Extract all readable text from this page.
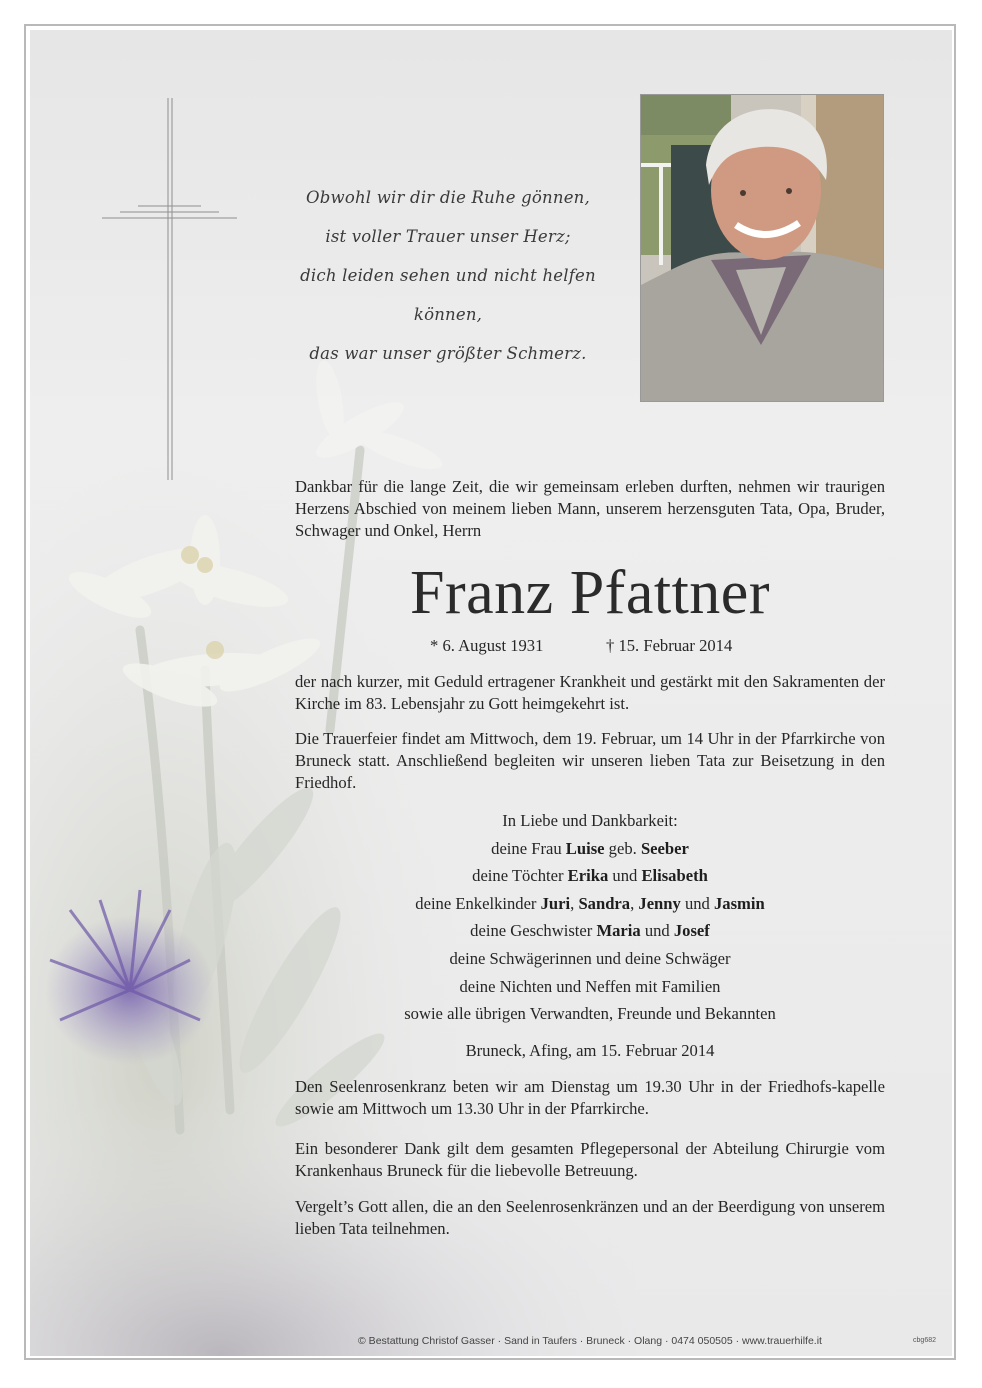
Obwohl wir dir die Ruhe gönnen,
ist voller Trauer unser Herz;
dich leiden sehen und nicht helfen können,
das war unser größter Schmerz.
Dankbar für die lange Zeit, die wir gemeinsam erleben durften, nehmen wir traurigen Herzens Abschied von meinem lieben Mann, unserem herzensguten Tata, Opa, Bruder, Schwager und Onkel, Herrn
Franz Pfattner
* 6. August 1931	† 15. Februar 2014
der nach kurzer, mit Geduld ertragener Krankheit und gestärkt mit den Sakramenten der Kirche im 83. Lebensjahr zu Gott heimgekehrt ist.
Die Trauerfeier findet am Mittwoch, dem 19. Februar, um 14 Uhr in der Pfarrkirche von Bruneck statt. Anschließend begleiten wir unseren lieben Tata zur Beisetzung in den Friedhof.
In Liebe und Dankbarkeit:
deine Frau Luise geb. Seeber
deine Töchter Erika und Elisabeth
deine Enkelkinder Juri, Sandra, Jenny und Jasmin
deine Geschwister Maria und Josef
deine Schwägerinnen und deine Schwäger
deine Nichten und Neffen mit Familien
sowie alle übrigen Verwandten, Freunde und Bekannten
Bruneck, Afing, am 15. Februar 2014
Den Seelenrosenkranz beten wir am Dienstag um 19.30 Uhr in der Friedhofs-kapelle sowie am Mittwoch um 13.30 Uhr in der Pfarrkirche.
Ein besonderer Dank gilt dem gesamten Pflegepersonal der Abteilung Chirurgie vom Krankenhaus Bruneck für die liebevolle Betreuung.
Vergelt’s Gott allen, die an den Seelenrosenkränzen und an der Beerdigung von unserem lieben Tata teilnehmen.
© Bestattung Christof Gasser · Sand in Taufers · Bruneck · Olang · 0474 050505 · www.trauerhilfe.it	cbg682
